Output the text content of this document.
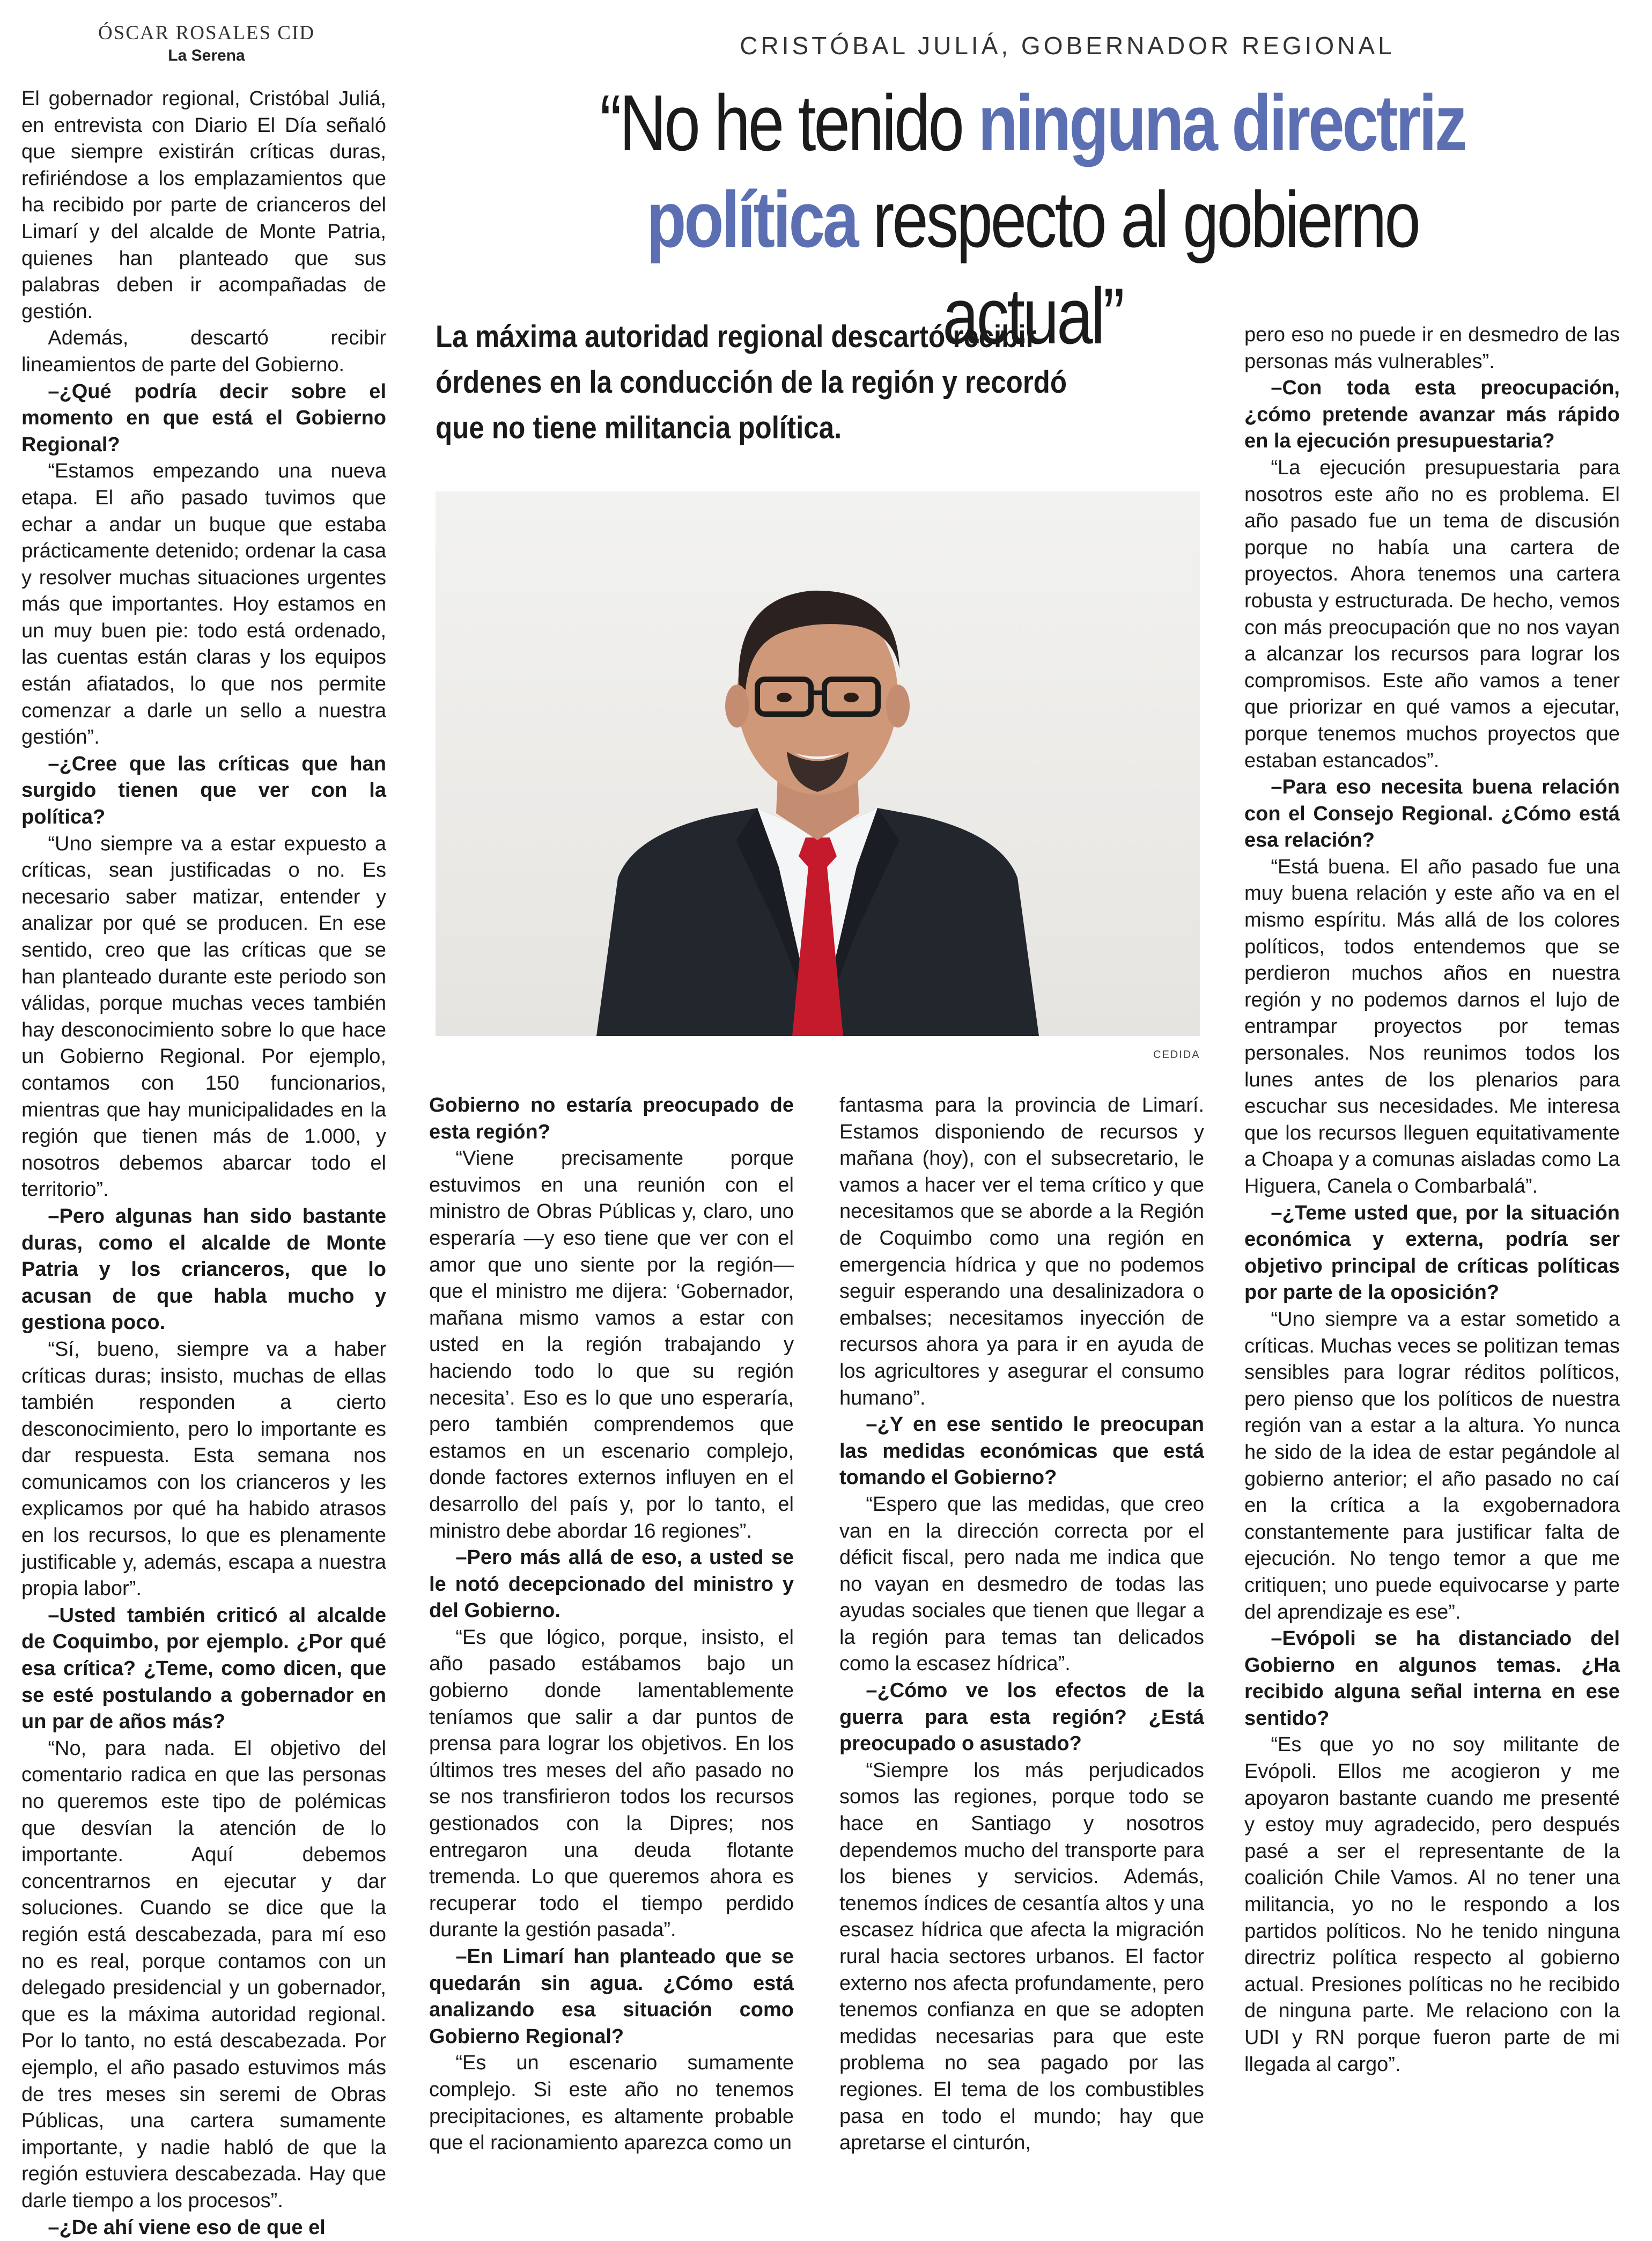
ÓSCAR ROSALES CID
La Serena	CRISTÓBAL JULIÁ, GOBERNADOR REGIONAL
“No he tenido ninguna directriz
política respecto al gobierno actual”
La máxima autoridad regional descartó recibir órdenes en la conducción de la región y recordó que no tiene militancia política.
CEDIDA

El gobernador regional, Cristóbal Juliá, en entrevista con Diario El Día señaló que siempre existirán críticas duras, refiriéndose a los emplazamientos que ha recibido por parte de crianceros del Limarí y del alcalde de Monte Patria, quienes han planteado que sus palabras deben ir acompañadas de gestión.

Además, descartó recibir lineamientos de parte del Gobierno.

–¿Qué podría decir sobre el momento en que está el Gobierno Regional?

“Estamos empezando una nueva etapa. El año pasado tuvimos que echar a andar un buque que estaba prácticamente detenido; ordenar la casa y resolver muchas situaciones urgentes más que importantes. Hoy estamos en un muy buen pie: todo está ordenado, las cuentas están claras y los equipos están afiatados, lo que nos permite comenzar a darle un sello a nuestra gestión”.

–¿Cree que las críticas que han surgido tienen que ver con la política?

“Uno siempre va a estar expuesto a críticas, sean justificadas o no. Es necesario saber matizar, entender y analizar por qué se producen. En ese sentido, creo que las críticas que se han planteado durante este periodo son válidas, porque muchas veces también hay desconocimiento sobre lo que hace un Gobierno Regional. Por ejemplo, contamos con 150 funcionarios, mientras que hay municipalidades en la región que tienen más de 1.000, y nosotros debemos abarcar todo el territorio”.

–Pero algunas han sido bastante duras, como el alcalde de Monte Patria y los crianceros, que lo acusan de que habla mucho y gestiona poco.

“Sí, bueno, siempre va a haber críticas duras; insisto, muchas de ellas también responden a cierto desconocimiento, pero lo importante es dar respuesta. Esta semana nos comunicamos con los crianceros y les explicamos por qué ha habido atrasos en los recursos, lo que es plenamente justificable y, además, escapa a nuestra propia labor”.

–Usted también criticó al alcalde de Coquimbo, por ejemplo. ¿Por qué esa crítica? ¿Teme, como dicen, que se esté postulando a gobernador en un par de años más?

“No, para nada. El objetivo del comentario radica en que las personas no queremos este tipo de polémicas que desvían la atención de lo importante. Aquí debemos concentrarnos en ejecutar y dar soluciones. Cuando se dice que la región está descabezada, para mí eso no es real, porque contamos con un delegado presidencial y un gobernador, que es la máxima autoridad regional. Por lo tanto, no está descabezada. Por ejemplo, el año pasado estuvimos más de tres meses sin seremi de Obras Públicas, una cartera sumamente importante, y nadie habló de que la región estuviera descabezada. Hay que darle tiempo a los procesos”.

–¿De ahí viene eso de que el

Gobierno no estaría preocupado de esta región?

“Viene precisamente porque estuvimos en una reunión con el ministro de Obras Públicas y, claro, uno esperaría —y eso tiene que ver con el amor que uno siente por la región— que el ministro me dijera: ‘Gobernador, mañana mismo vamos a estar con usted en la región trabajando y haciendo todo lo que su región necesita’. Eso es lo que uno esperaría, pero también comprendemos que estamos en un escenario complejo, donde factores externos influyen en el desarrollo del país y, por lo tanto, el ministro debe abordar 16 regiones”.

–Pero más allá de eso, a usted se le notó decepcionado del ministro y del Gobierno.

“Es que lógico, porque, insisto, el año pasado estábamos bajo un gobierno donde lamentablemente teníamos que salir a dar puntos de prensa para lograr los objetivos. En los últimos tres meses del año pasado no se nos transfirieron todos los recursos gestionados con la Dipres; nos entregaron una deuda flotante tremenda. Lo que queremos ahora es recuperar todo el tiempo perdido durante la gestión pasada”.

–En Limarí han planteado que se quedarán sin agua. ¿Cómo está analizando esa situación como Gobierno Regional?

“Es un escenario sumamente complejo. Si este año no tenemos precipitaciones, es altamente probable que el racionamiento aparezca como un

fantasma para la provincia de Limarí. Estamos disponiendo de recursos y mañana (hoy), con el subsecretario, le vamos a hacer ver el tema crítico y que necesitamos que se aborde a la Región de Coquimbo como una región en emergencia hídrica y que no podemos seguir esperando una desalinizadora o embalses; necesitamos inyección de recursos ahora ya para ir en ayuda de los agricultores y asegurar el consumo humano”.

–¿Y en ese sentido le preocupan las medidas económicas que está tomando el Gobierno?

“Espero que las medidas, que creo van en la dirección correcta por el déficit fiscal, pero nada me indica que no vayan en desmedro de todas las ayudas sociales que tienen que llegar a la región para temas tan delicados como la escasez hídrica”.

–¿Cómo ve los efectos de la guerra para esta región? ¿Está preocupado o asustado?

“Siempre los más perjudicados somos las regiones, porque todo se hace en Santiago y nosotros dependemos mucho del transporte para los bienes y servicios. Además, tenemos índices de cesantía altos y una escasez hídrica que afecta la migración rural hacia sectores urbanos. El factor externo nos afecta profundamente, pero tenemos confianza en que se adopten medidas necesarias para que este problema no sea pagado por las regiones. El tema de los combustibles pasa en todo el mundo; hay que apretarse el cinturón,

pero eso no puede ir en desmedro de las personas más vulnerables”.

–Con toda esta preocupación, ¿cómo pretende avanzar más rápido en la ejecución presupuestaria?

“La ejecución presupuestaria para nosotros este año no es problema. El año pasado fue un tema de discusión porque no había una cartera de proyectos. Ahora tenemos una cartera robusta y estructurada. De hecho, vemos con más preocupación que no nos vayan a alcanzar los recursos para lograr los compromisos. Este año vamos a tener que priorizar en qué vamos a ejecutar, porque tenemos muchos proyectos que estaban estancados”.

–Para eso necesita buena relación con el Consejo Regional. ¿Cómo está esa relación?

“Está buena. El año pasado fue una muy buena relación y este año va en el mismo espíritu. Más allá de los colores políticos, todos entendemos que se perdieron muchos años en nuestra región y no podemos darnos el lujo de entrampar proyectos por temas personales. Nos reunimos todos los lunes antes de los plenarios para escuchar sus necesidades. Me interesa que los recursos lleguen equitativamente a Choapa y a comunas aisladas como La Higuera, Canela o Combarbalá”.

–¿Teme usted que, por la situación económica y externa, podría ser objetivo principal de críticas políticas por parte de la oposición?

“Uno siempre va a estar sometido a críticas. Muchas veces se politizan temas sensibles para lograr réditos políticos, pero pienso que los políticos de nuestra región van a estar a la altura. Yo nunca he sido de la idea de estar pegándole al gobierno anterior; el año pasado no caí en la crítica a la exgobernadora constantemente para justificar falta de ejecución. No tengo temor a que me critiquen; uno puede equivocarse y parte del aprendizaje es ese”.

–Evópoli se ha distanciado del Gobierno en algunos temas. ¿Ha recibido alguna señal interna en ese sentido?

“Es que yo no soy militante de Evópoli. Ellos me acogieron y me apoyaron bastante cuando me presenté y estoy muy agradecido, pero después pasé a ser el representante de la coalición Chile Vamos. Al no tener una militancia, yo no le respondo a los partidos políticos. No he tenido ninguna directriz política respecto al gobierno actual. Presiones políticas no he recibido de ninguna parte. Me relaciono con la UDI y RN porque fueron parte de mi llegada al cargo”.
